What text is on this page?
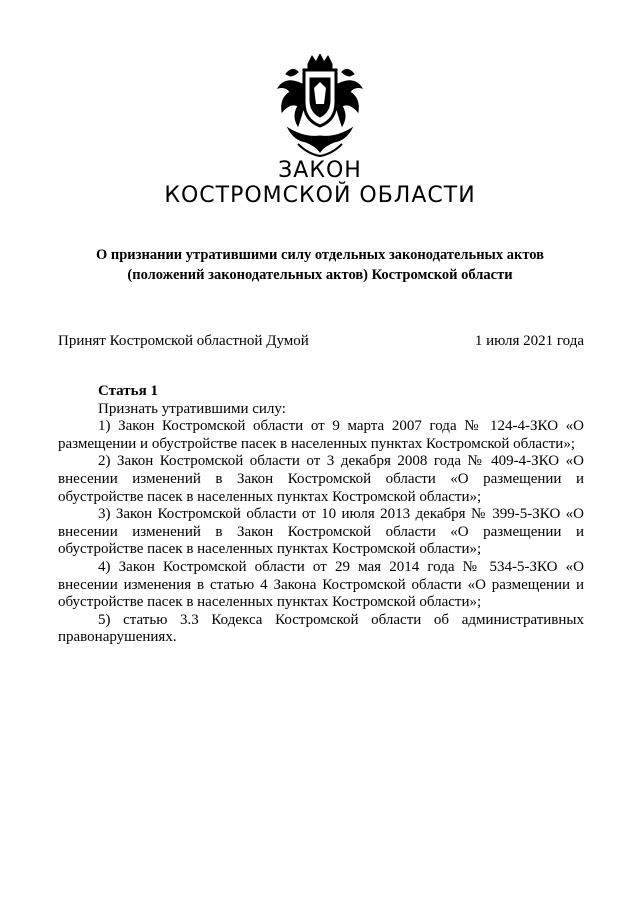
ЗАКОН
КОСТРОМСКОЙ ОБЛАСТИ
О признании утратившими силу отдельных законодательных актов
(положений законодательных актов) Костромской области
Принят Костромской областной Думой	1 июля 2021 года

Статья 1

Признать утратившими силу:

1) Закон Костромской области от 9 марта 2007 года № 124-4-ЗКО «О размещении и обустройстве пасек в населенных пунктах Костромской области»;

2) Закон Костромской области от 3 декабря 2008 года № 409-4-ЗКО «О внесении изменений в Закон Костромской области «О размещении и обустройстве пасек в населенных пунктах Костромской области»;

3) Закон Костромской области от 10 июля 2013 декабря № 399-5-ЗКО «О внесении изменений в Закон Костромской области «О размещении и обустройстве пасек в населенных пунктах Костромской области»;

4) Закон Костромской области от 29 мая 2014 года № 534-5-ЗКО «О внесении изменения в статью 4 Закона Костромской области «О размещении и обустройстве пасек в населенных пунктах Костромской области»;

5) статью 3.3 Кодекса Костромской области об административных правонарушениях.
